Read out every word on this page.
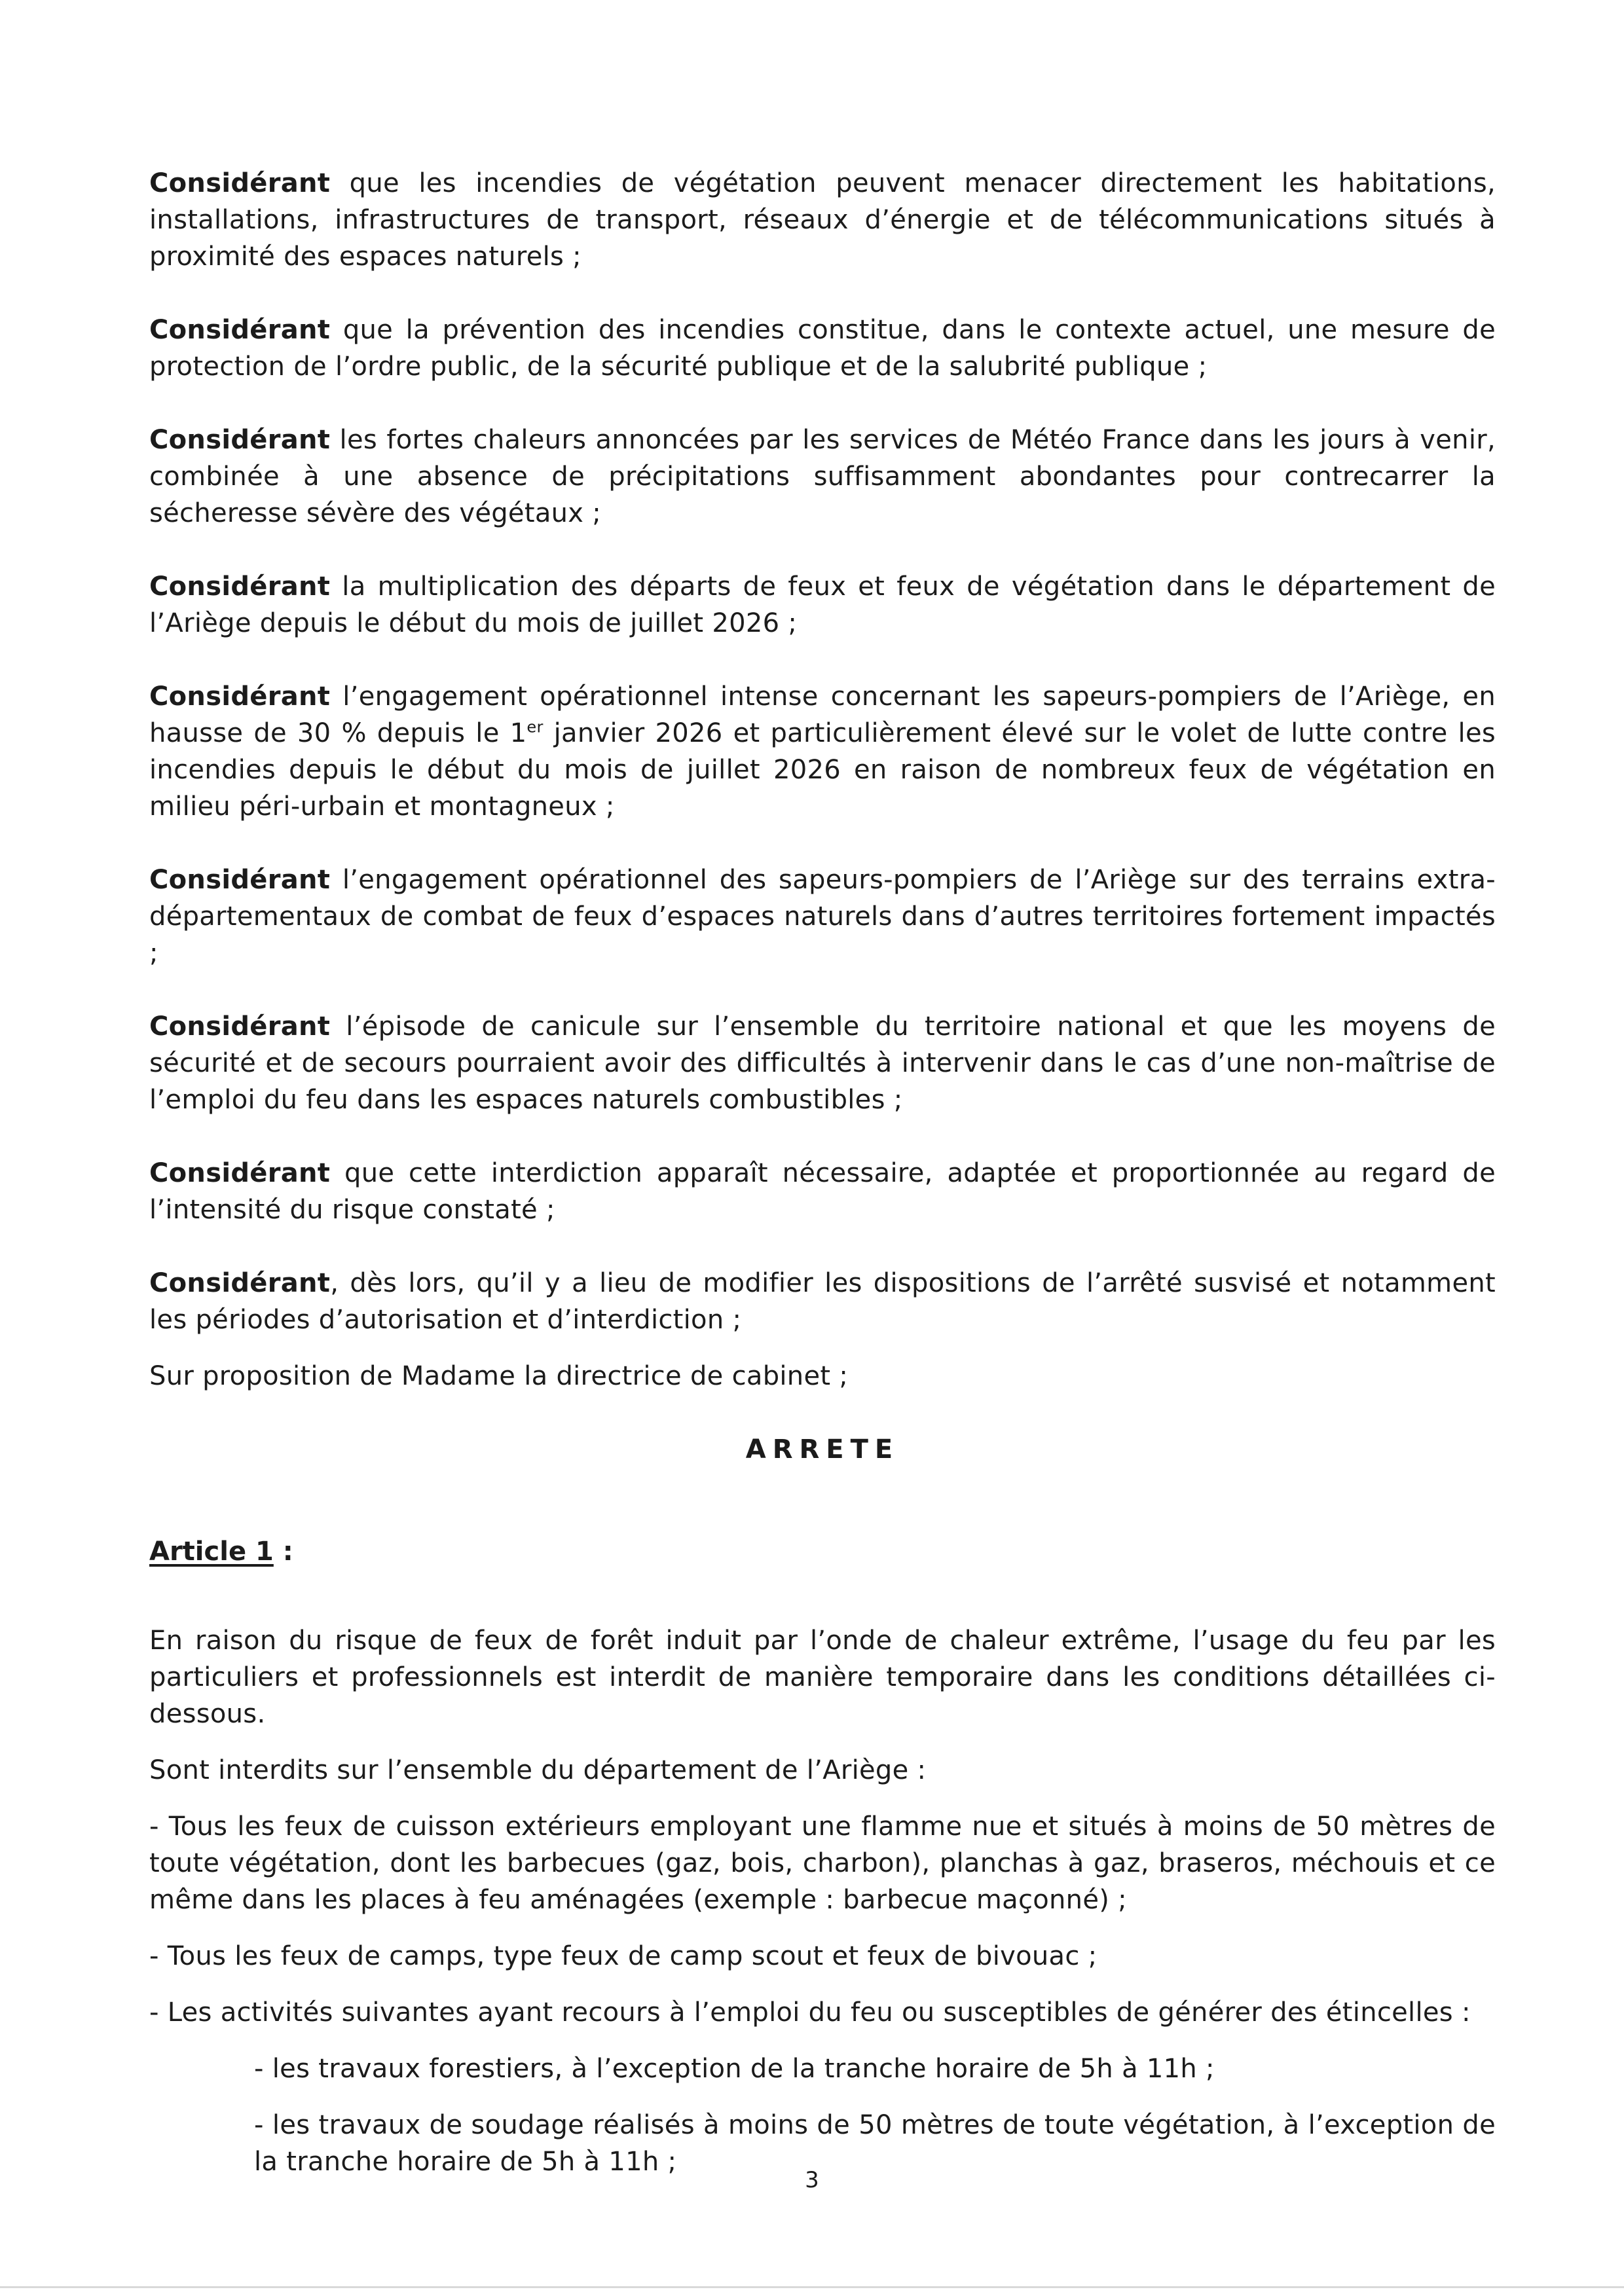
Considérant que les incendies de végétation peuvent menacer directement les habitations, installations, infrastructures de transport, réseaux d’énergie et de télécommunications situés à proximité des espaces naturels ;

Considérant que la prévention des incendies constitue, dans le contexte actuel, une mesure de protection de l’ordre public, de la sécurité publique et de la salubrité publique ;

Considérant les fortes chaleurs annoncées par les services de Météo France dans les jours à venir, combinée à une absence de précipitations suffisamment abondantes pour contrecarrer la sécheresse sévère des végétaux ;

Considérant la multiplication des départs de feux et feux de végétation dans le département de l’Ariège depuis le début du mois de juillet 2026 ;

Considérant l’engagement opérationnel intense concernant les sapeurs-pompiers de l’Ariège, en hausse de 30 % depuis le 1er janvier 2026 et particulièrement élevé sur le volet de lutte contre les incendies depuis le début du mois de juillet 2026 en raison de nombreux feux de végétation en milieu péri-urbain et montagneux ;

Considérant l’engagement opérationnel des sapeurs-pompiers de l’Ariège sur des terrains extra-départementaux de combat de feux d’espaces naturels dans d’autres territoires fortement impactés ;

Considérant l’épisode de canicule sur l’ensemble du territoire national et que les moyens de sécurité et de secours pourraient avoir des difficultés à intervenir dans le cas d’une non-maîtrise de l’emploi du feu dans les espaces naturels combustibles ;

Considérant que cette interdiction apparaît nécessaire, adaptée et proportionnée au regard de l’intensité du risque constaté ;

Considérant, dès lors, qu’il y a lieu de modifier les dispositions de l’arrêté susvisé et notamment les périodes d’autorisation et d’interdiction ;

Sur proposition de Madame la directrice de cabinet ;

ARRETE
Article 1 :

En raison du risque de feux de forêt induit par l’onde de chaleur extrême, l’usage du feu par les particuliers et professionnels est interdit de manière temporaire dans les conditions détaillées ci-dessous.

Sont interdits sur l’ensemble du département de l’Ariège :

- Tous les feux de cuisson extérieurs employant une flamme nue et situés à moins de 50 mètres de toute végétation, dont les barbecues (gaz, bois, charbon), planchas à gaz, braseros, méchouis et ce même dans les places à feu aménagées (exemple : barbecue maçonné) ;

- Tous les feux de camps, type feux de camp scout et feux de bivouac ;

- Les activités suivantes ayant recours à l’emploi du feu ou susceptibles de générer des étincelles :

- les travaux forestiers, à l’exception de la tranche horaire de 5h à 11h ;

- les travaux de soudage réalisés à moins de 50 mètres de toute végétation, à l’exception de la tranche horaire de 5h à 11h ;

3
